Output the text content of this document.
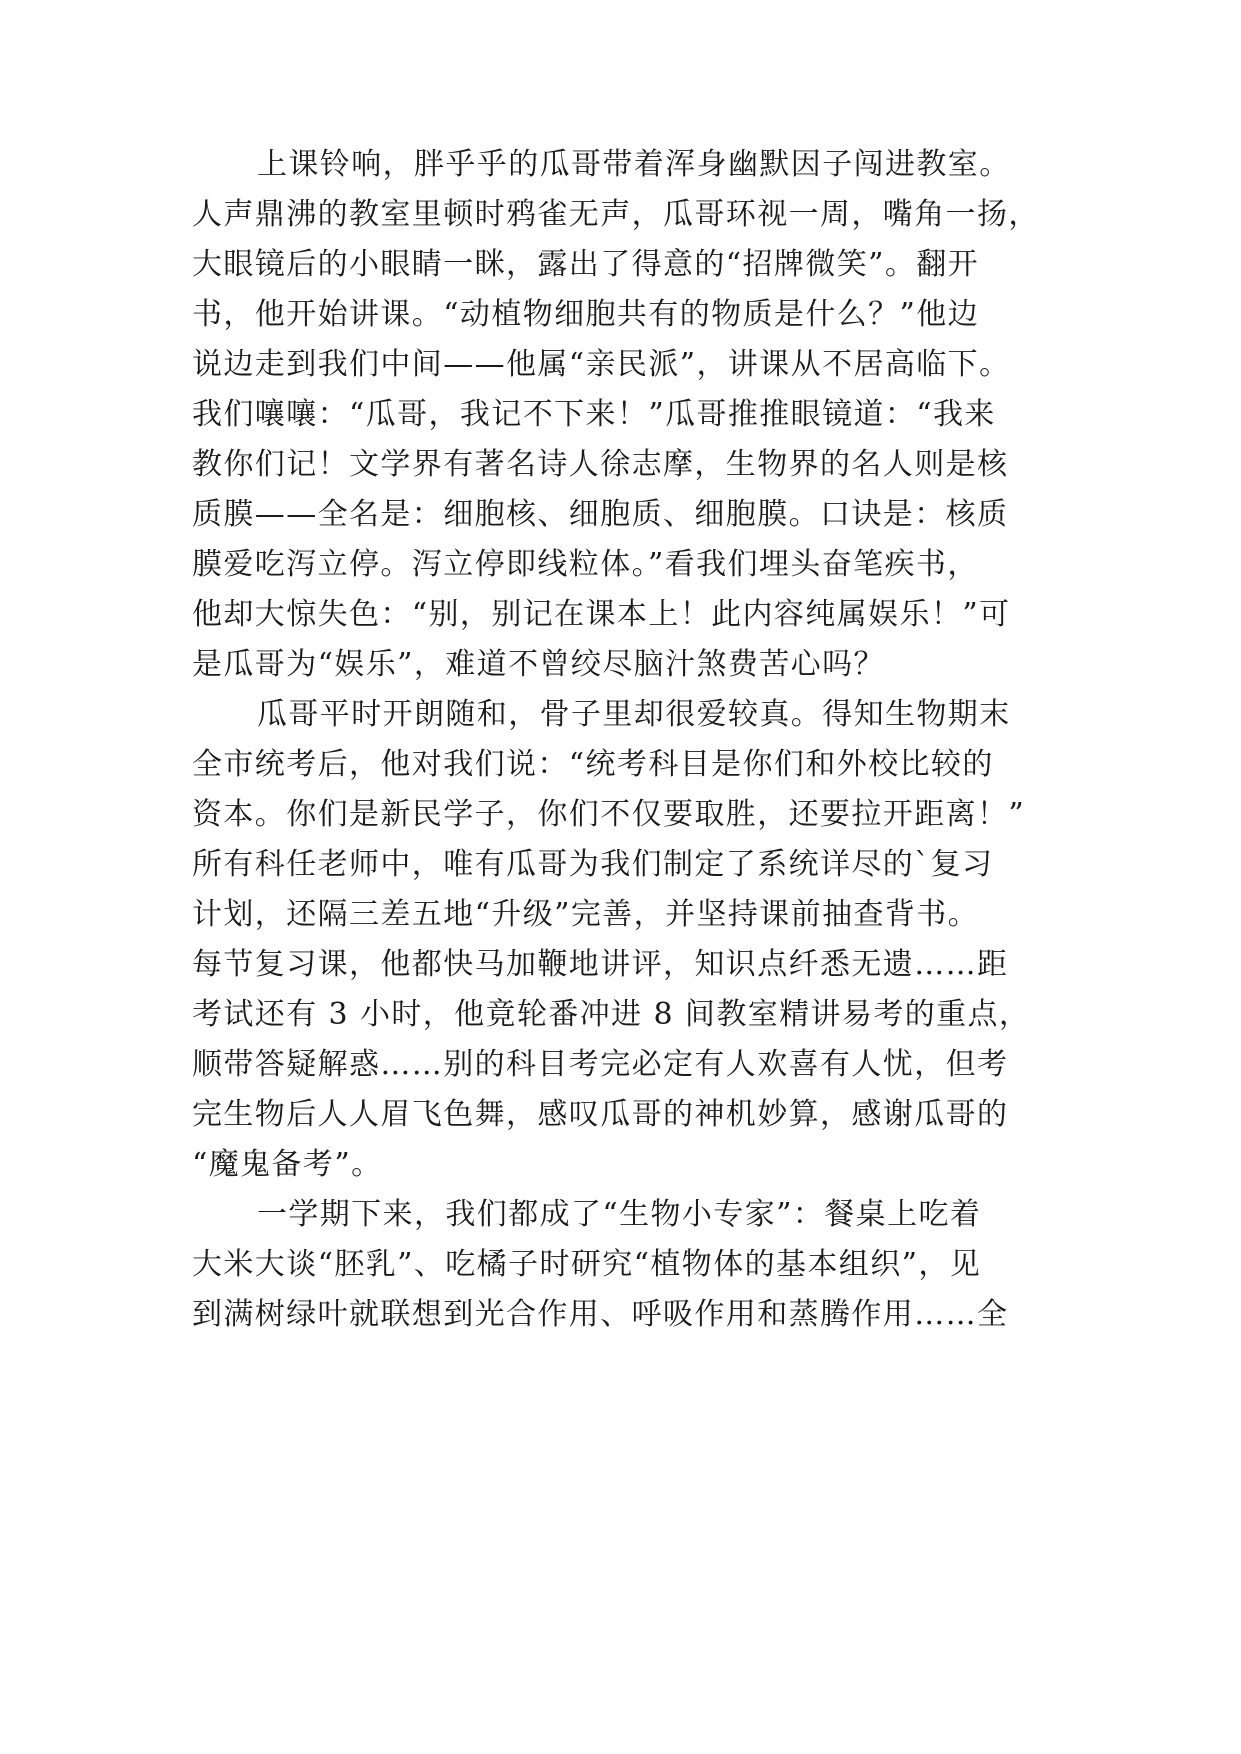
上课铃响，胖乎乎的瓜哥带着浑身幽默因子闯进教室。
人声鼎沸的教室里顿时鸦雀无声，瓜哥环视一周，嘴角一扬，
大眼镜后的小眼睛一眯，露出了得意的“招牌微笑”。翻开
书，他开始讲课。“动植物细胞共有的物质是什么？”他边
说边走到我们中间——他属“亲民派”，讲课从不居高临下。
我们嚷嚷：“瓜哥，我记不下来！”瓜哥推推眼镜道：“我来
教你们记！文学界有著名诗人徐志摩，生物界的名人则是核
质膜——全名是：细胞核、细胞质、细胞膜。口诀是：核质
膜爱吃泻立停。泻立停即线粒体。”看我们埋头奋笔疾书，
他却大惊失色：“别，别记在课本上！此内容纯属娱乐！”可
是瓜哥为“娱乐”，难道不曾绞尽脑汁煞费苦心吗？
瓜哥平时开朗随和，骨子里却很爱较真。得知生物期末
全市统考后，他对我们说：“统考科目是你们和外校比较的
资本。你们是新民学子，你们不仅要取胜，还要拉开距离！”
所有科任老师中，唯有瓜哥为我们制定了系统详尽的`复习
计划，还隔三差五地“升级”完善，并坚持课前抽查背书。
每节复习课，他都快马加鞭地讲评，知识点纤悉无遗……距
考试还有 3 小时，他竟轮番冲进 8 间教室精讲易考的重点，
顺带答疑解惑……别的科目考完必定有人欢喜有人忧，但考
完生物后人人眉飞色舞，感叹瓜哥的神机妙算，感谢瓜哥的
“魔鬼备考”。
一学期下来，我们都成了“生物小专家”：餐桌上吃着
大米大谈“胚乳”、吃橘子时研究“植物体的基本组织”，见
到满树绿叶就联想到光合作用、呼吸作用和蒸腾作用……全
